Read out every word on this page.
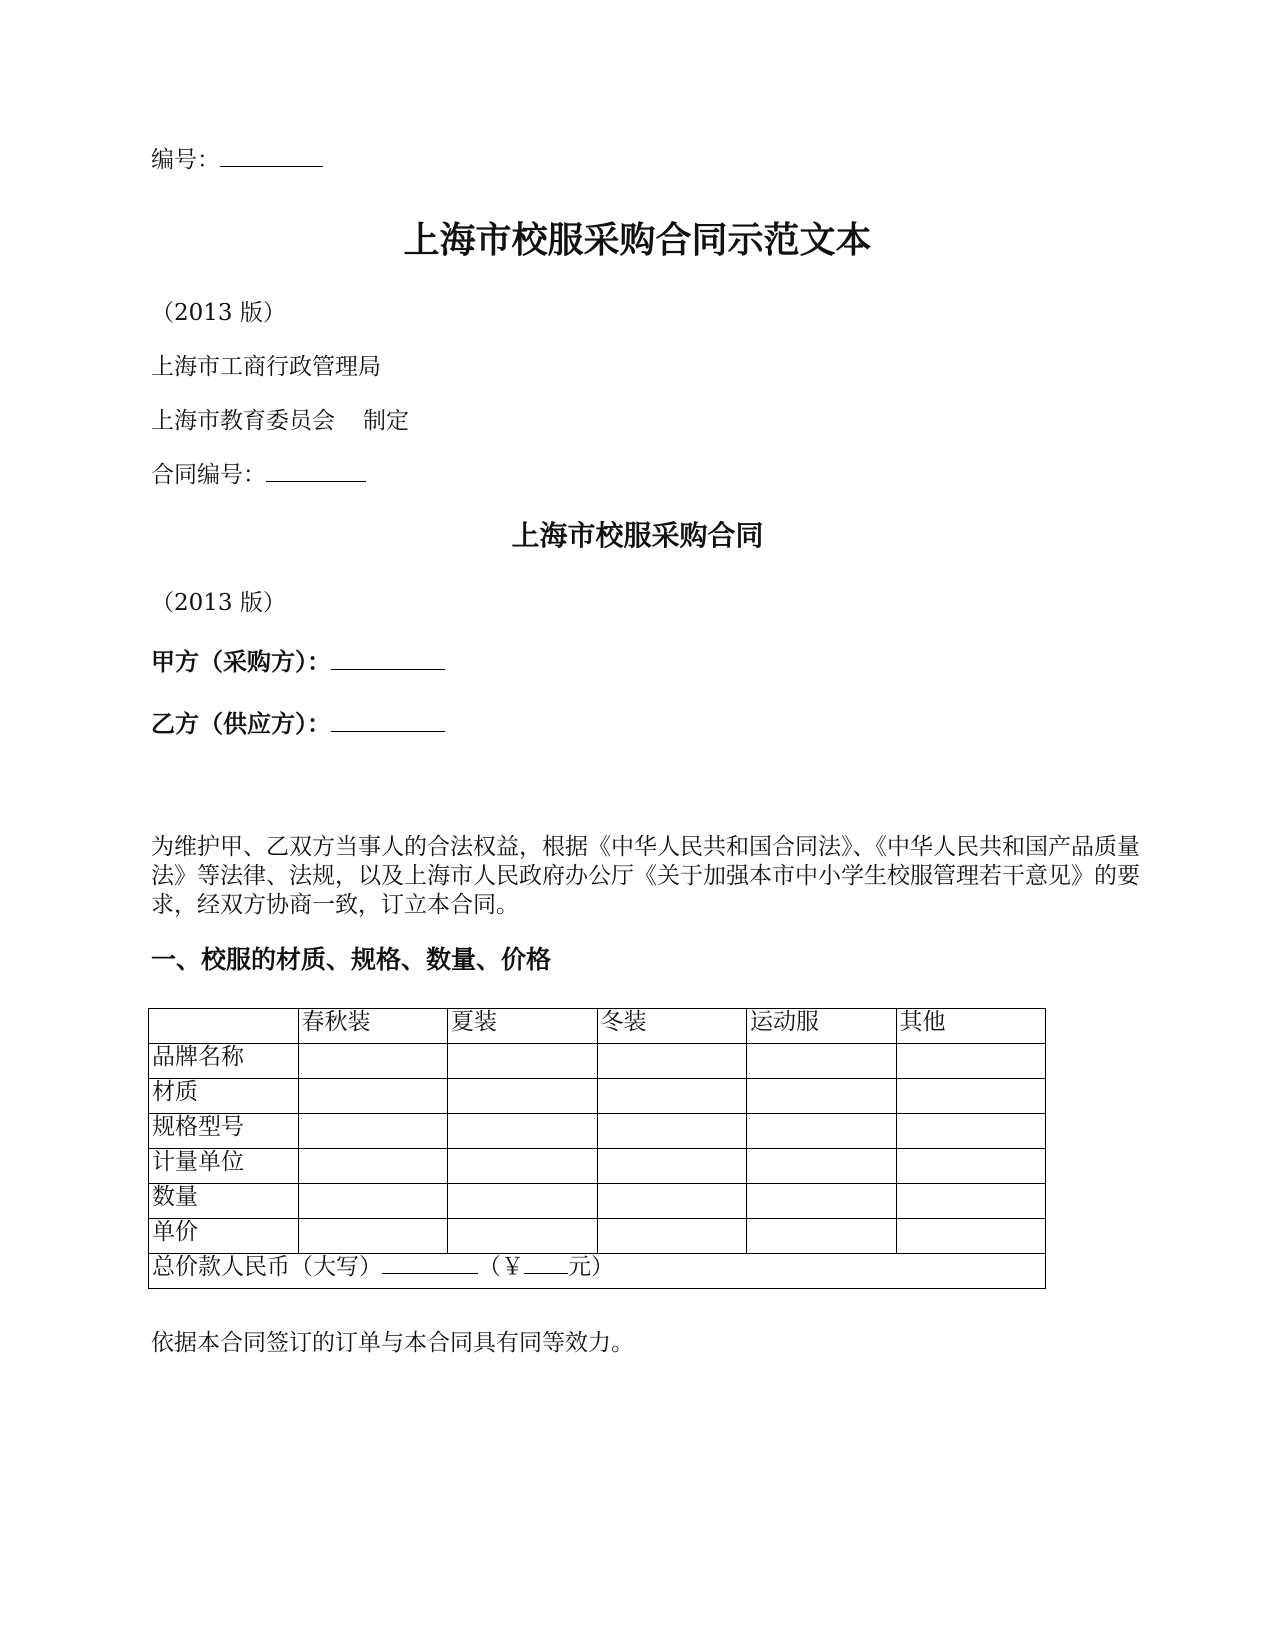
编号：
上海市校服采购合同示范文本
（2013 版）
上海市工商行政管理局
上海市教育委员会 制定
合同编号：
上海市校服采购合同
（2013 版）
甲方（采购方）：
乙方（供应方）：
为维护甲、乙双方当事人的合法权益，根据《中华人民共和国合同法》、《中华人民共和国产品质量法》等法律、法规，以及上海市人民政府办公厅《关于加强本市中小学生校服管理若干意见》的要求，经双方协商一致，订立本合同。
一、校服的材质、规格、数量、价格
	春秋装	夏装	冬装	运动服	其他
品牌名称					
材质					
规格型号					
计量单位					
数量					
单价					
总价款人民币（大写） （￥ 元）					
依据本合同签订的订单与本合同具有同等效力。
